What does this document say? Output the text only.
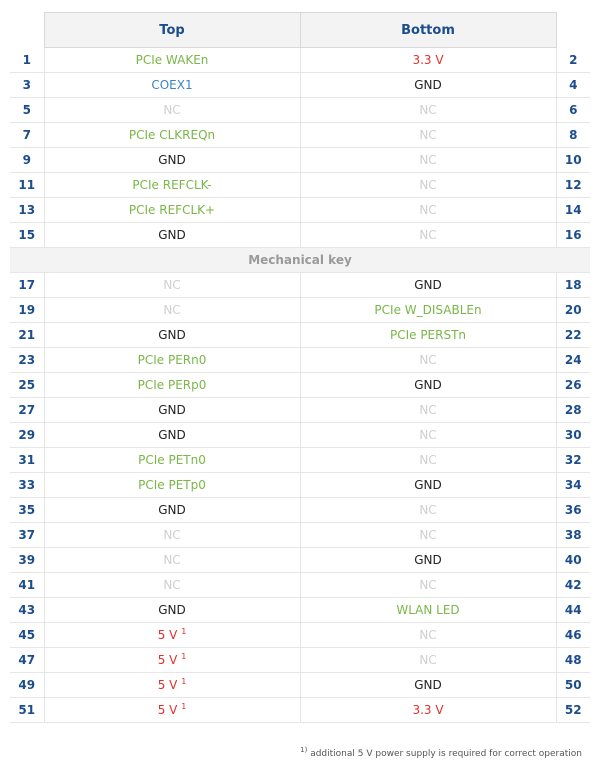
	Top	Bottom	
1	PCIe WAKEn	3.3 V	2
3	COEX1	GND	4
5	NC	NC	6
7	PCIe CLKREQn	NC	8
9	GND	NC	10
11	PCIe REFCLK-	NC	12
13	PCIe REFCLK+	NC	14
15	GND	NC	16
Mechanical key			
17	NC	GND	18
19	NC	PCIe W_DISABLEn	20
21	GND	PCIe PERSTn	22
23	PCIe PERn0	NC	24
25	PCIe PERp0	GND	26
27	GND	NC	28
29	GND	NC	30
31	PCIe PETn0	NC	32
33	PCIe PETp0	GND	34
35	GND	NC	36
37	NC	NC	38
39	NC	GND	40
41	NC	NC	42
43	GND	WLAN LED	44
45	5 V $^1$	NC	46
47	5 V $^1$	NC	48
49	5 V $^1$	GND	50
51	5 V $^1$	3.3 V	52
$^{1)}$ additional 5 V power supply is required for correct operation
